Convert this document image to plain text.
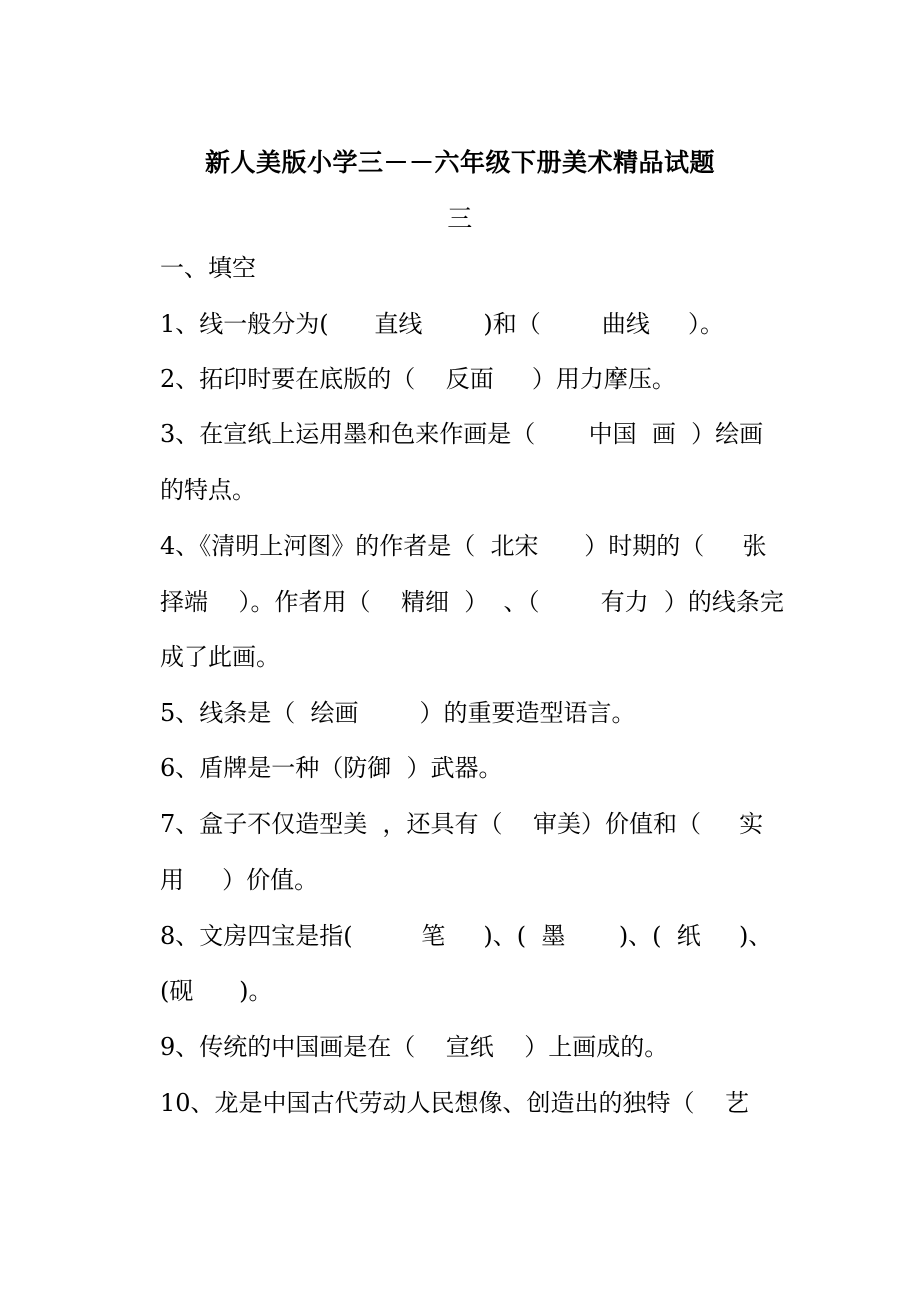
新人美版小学三－－六年级下册美术精品试题
三
一、填空
1、线一般分为(      直线        )和（        曲线     ）。
2、拓印时要在底版的（    反面     ）用力摩压。
3、在宣纸上运用墨和色来作画是（       中国  画  ）绘画
的特点。
4、《清明上河图》的作者是（  北宋      ）时期的（     张
择端    ）。作者用（    精细  ）  、（        有力  ）的线条完
成了此画。
5、线条是（  绘画        ）的重要造型语言。
6、盾牌是一种（防御  ）武器。
7、盒子不仅造型美  ，还具有（    审美）价值和（     实
用     ）价值。
8、文房四宝是指(         笔     )、(  墨       )、(  纸     )、
(砚      )。
9、传统的中国画是在（    宣纸    ）上画成的。
10、龙是中国古代劳动人民想像、创造出的独特（    艺
